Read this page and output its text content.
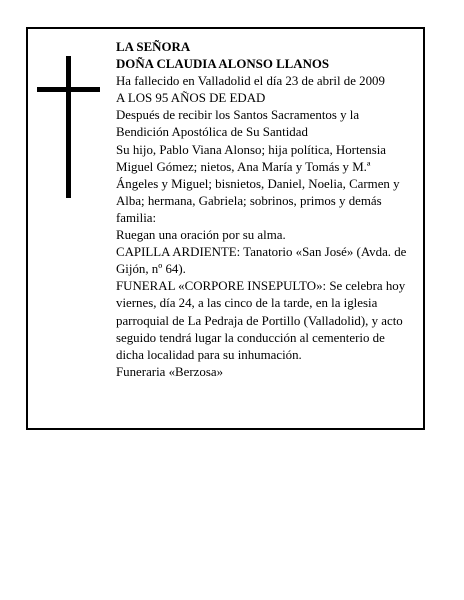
LA SEÑORA
DOÑA CLAUDIA ALONSO LLANOS
Ha fallecido en Valladolid el día 23 de abril de 2009
A LOS 95 AÑOS DE EDAD
Después de recibir los Santos Sacramentos y la
Bendición Apostólica de Su Santidad
Su hijo, Pablo Viana Alonso; hija política, Hortensia
Miguel Gómez; nietos, Ana María y Tomás y M.ª
Ángeles y Miguel; bisnietos, Daniel, Noelia, Carmen y
Alba; hermana, Gabriela; sobrinos, primos y demás
familia:
Ruegan una oración por su alma.
CAPILLA ARDIENTE: Tanatorio «San José» (Avda. de
Gijón, nº 64).
FUNERAL «CORPORE INSEPULTO»: Se celebra hoy
viernes, día 24, a las cinco de la tarde, en la iglesia
parroquial de La Pedraja de Portillo (Valladolid), y acto
seguido tendrá lugar la conducción al cementerio de
dicha localidad para su inhumación.
Funeraria «Berzosa»
